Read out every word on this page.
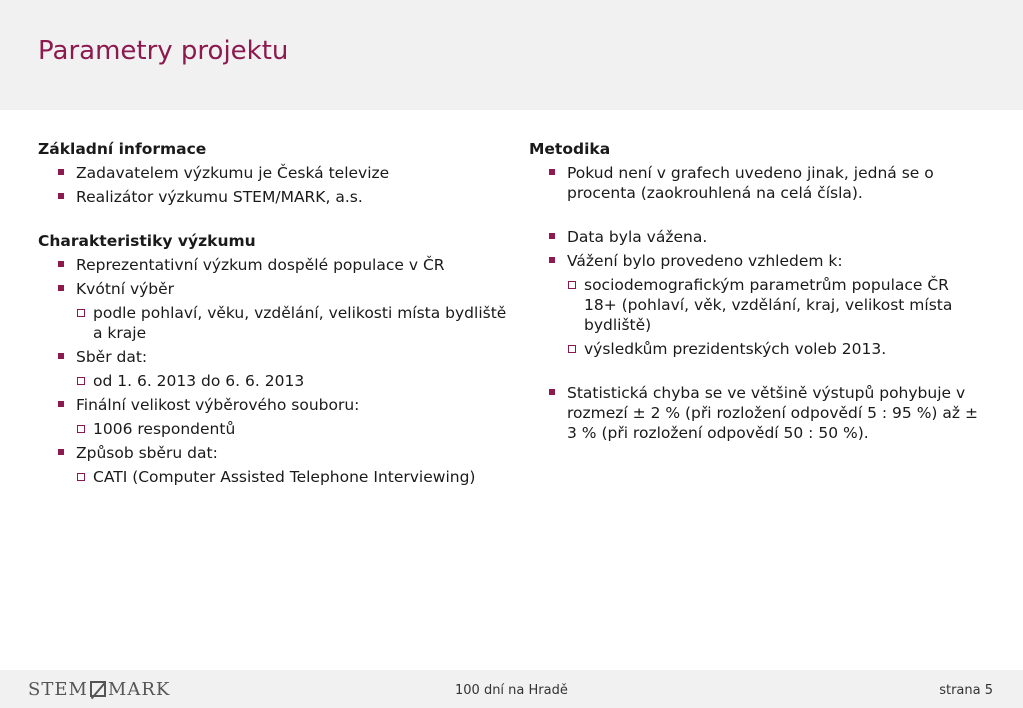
Parametry projektu
Základní informace
Zadavatelem výzkumu je Česká televize
Realizátor výzkumu STEM/MARK, a.s.
Charakteristiky výzkumu
Reprezentativní výzkum dospělé populace v ČR
Kvótní výběr
podle pohlaví, věku, vzdělání, velikosti místa bydliště a kraje
Sběr dat:
od 1. 6. 2013 do 6. 6. 2013
Finální velikost výběrového souboru:
1006 respondentů
Způsob sběru dat:
CATI (Computer Assisted Telephone Interviewing)
Metodika
Pokud není v grafech uvedeno jinak, jedná se o procenta (zaokrouhlená na celá čísla).
Data byla vážena.
Vážení bylo provedeno vzhledem k:
sociodemografickým parametrům populace ČR 18+ (pohlaví, věk, vzdělání, kraj, velikost místa bydliště)
výsledkům prezidentských voleb 2013.
Statistická chyba se ve většině výstupů pohybuje v rozmezí ± 2 % (při rozložení odpovědí 5 : 95 %) až ± 3 % (při rozložení odpovědí 50 : 50 %).
STEM MARK	100 dní na Hradě	strana 5
